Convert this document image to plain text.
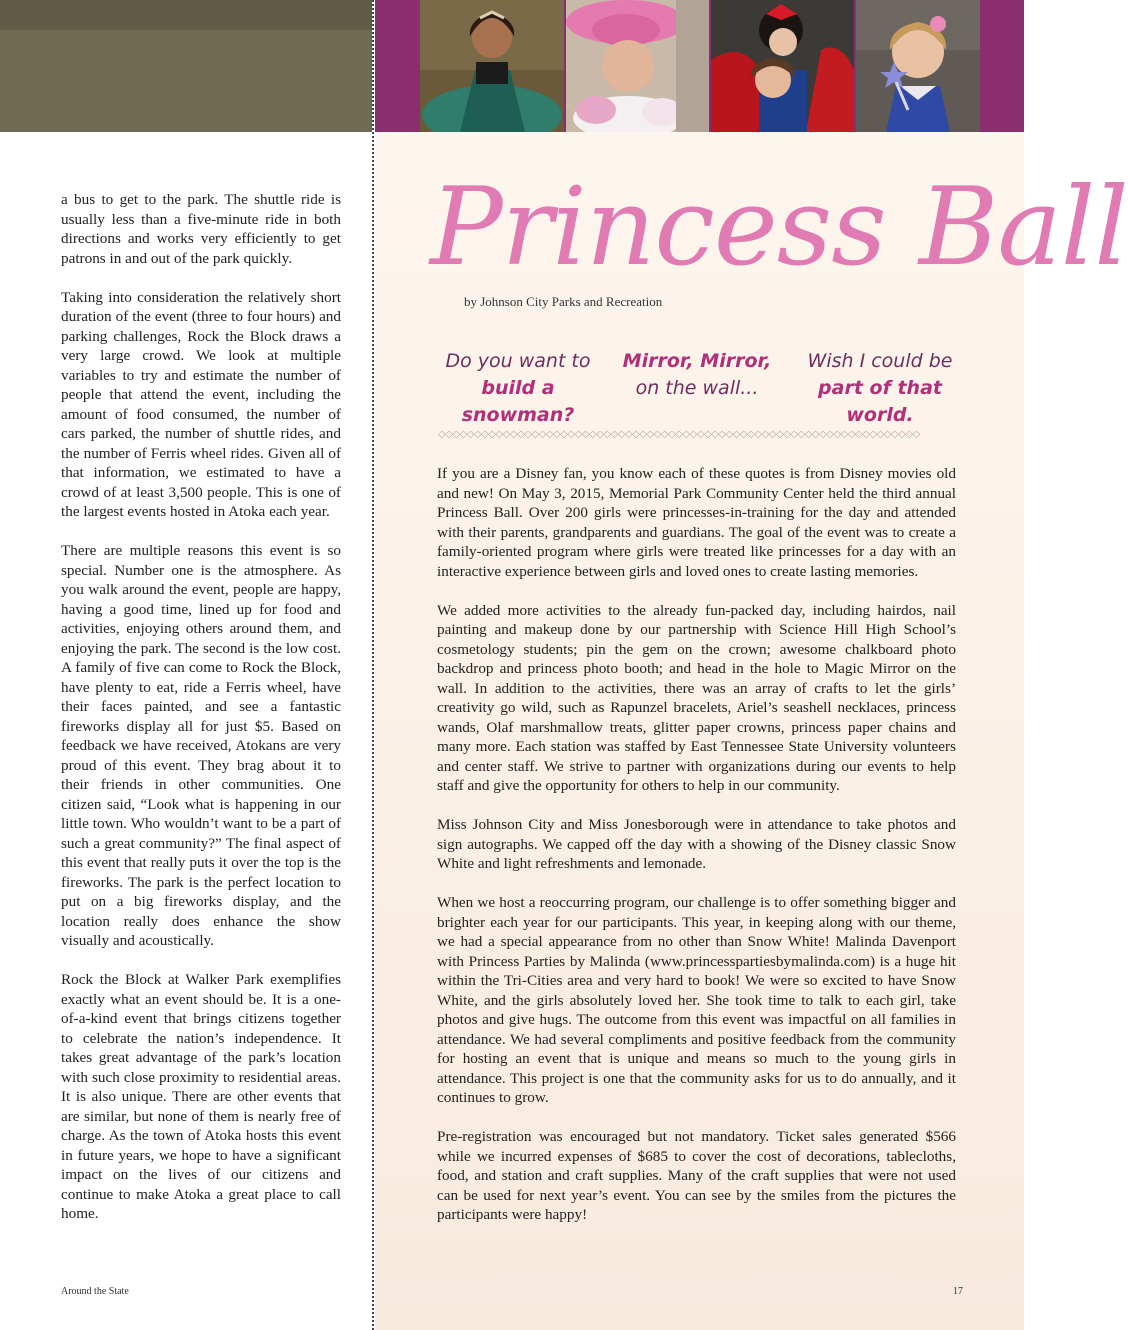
a bus to get to the park. The shuttle ride is usually less than a five-minute ride in both directions and works very efficiently to get patrons in and out of the park quickly.

Taking into consideration the relatively short duration of the event (three to four hours) and parking challenges, Rock the Block draws a very large crowd. We look at multiple variables to try and estimate the number of people that attend the event, including the amount of food consumed, the number of cars parked, the number of shuttle rides, and the number of Ferris wheel rides. Given all of that information, we estimated to have a crowd of at least 3,500 people. This is one of the largest events hosted in Atoka each year.

There are multiple reasons this event is so special. Number one is the atmosphere. As you walk around the event, people are happy, having a good time, lined up for food and activities, enjoying others around them, and enjoying the park. The second is the low cost. A family of five can come to Rock the Block, have plenty to eat, ride a Ferris wheel, have their faces painted, and see a fantastic fireworks display all for just $5. Based on feedback we have received, Atokans are very proud of this event. They brag about it to their friends in other communities. One citizen said, “Look what is happening in our little town. Who wouldn’t want to be a part of such a great community?” The final aspect of this event that really puts it over the top is the fireworks. The park is the perfect location to put on a big fireworks display, and the location really does enhance the show visually and acoustically.

Rock the Block at Walker Park exemplifies exactly what an event should be. It is a one-of-a-kind event that brings citizens together to celebrate the nation’s independence. It takes great advantage of the park’s location with such close proximity to residential areas. It is also unique. There are other events that are similar, but none of them is nearly free of charge. As the town of Atoka hosts this event in future years, we hope to have a significant impact on the lives of our citizens and continue to make Atoka a great place to call home.

Princess Ball
by Johnson City Parks and Recreation
Do you want to
build a snowman?
Mirror, Mirror,
on the wall...
Wish I could be
part of that world.
◇◇◇◇◇◇◇◇◇◇◇◇◇◇◇◇◇◇◇◇◇◇◇◇◇◇◇◇◇◇◇◇◇◇◇◇◇◇◇◇◇◇◇◇◇◇◇◇◇◇◇◇◇◇◇◇◇◇◇◇◇◇◇◇◇◇◇

If you are a Disney fan, you know each of these quotes is from Disney movies old and new! On May 3, 2015, Memorial Park Community Center held the third annual Princess Ball. Over 200 girls were princesses-in-training for the day and attended with their parents, grandparents and guardians. The goal of the event was to create a family-oriented program where girls were treated like princesses for a day with an interactive experience between girls and loved ones to create lasting memories.

We added more activities to the already fun-packed day, including hairdos, nail painting and makeup done by our partnership with Science Hill High School’s cosmetology students; pin the gem on the crown; awesome chalkboard photo backdrop and princess photo booth; and head in the hole to Magic Mirror on the wall. In addition to the activities, there was an array of crafts to let the girls’ creativity go wild, such as Rapunzel bracelets, Ariel’s seashell necklaces, princess wands, Olaf marshmallow treats, glitter paper crowns, princess paper chains and many more. Each station was staffed by East Tennessee State University volunteers and center staff. We strive to partner with organizations during our events to help staff and give the opportunity for others to help in our community.

Miss Johnson City and Miss Jonesborough were in attendance to take photos and sign autographs. We capped off the day with a showing of the Disney classic Snow White and light refreshments and lemonade.

When we host a reoccurring program, our challenge is to offer something bigger and brighter each year for our participants. This year, in keeping along with our theme, we had a special appearance from no other than Snow White! Malinda Davenport with Princess Parties by Malinda (www.princesspartiesbymalinda.com) is a huge hit within the Tri-Cities area and very hard to book! We were so excited to have Snow White, and the girls absolutely loved her. She took time to talk to each girl, take photos and give hugs. The outcome from this event was impactful on all families in attendance. We had several compliments and positive feedback from the community for hosting an event that is unique and means so much to the young girls in attendance. This project is one that the community asks for us to do annually, and it continues to grow.

Pre-registration was encouraged but not mandatory. Ticket sales generated $566 while we incurred expenses of $685 to cover the cost of decorations, tablecloths, food, and station and craft supplies. Many of the craft supplies that were not used can be used for next year’s event. You can see by the smiles from the pictures the participants were happy!

Around the State	17
